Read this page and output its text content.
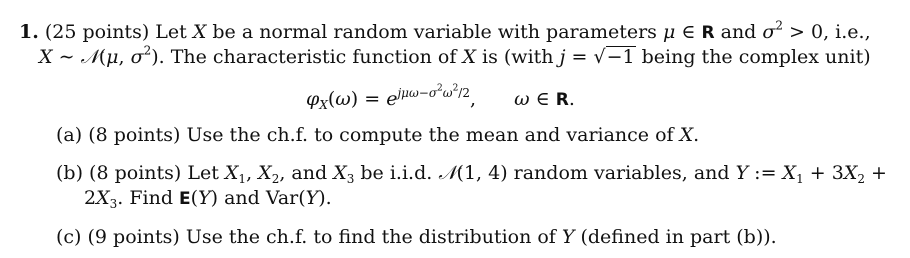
1. (25 points) Let X be a normal random variable with parameters μ ∈ R and $\sigma^2 > 0$, i.e.,
X ∼ 𝒩(μ, $\sigma^2$). The characteristic function of X is (with j = √−1 being the complex unit)
$\varphi_X(\omega) = e^{j\mu\omega-\sigma^2\omega^2/2}$,  ω ∈ R.
(a) (8 points) Use the ch.f. to compute the mean and variance of X.
(b) (8 points) Let $X_1$, $X_2$, and $X_3$ be i.i.d. 𝒩(1, 4) random variables, and Y := $X_1 + 3X_2$ +
$2X_3$. Find E(Y) and Var(Y).
(c) (9 points) Use the ch.f. to find the distribution of Y (defined in part (b)).
